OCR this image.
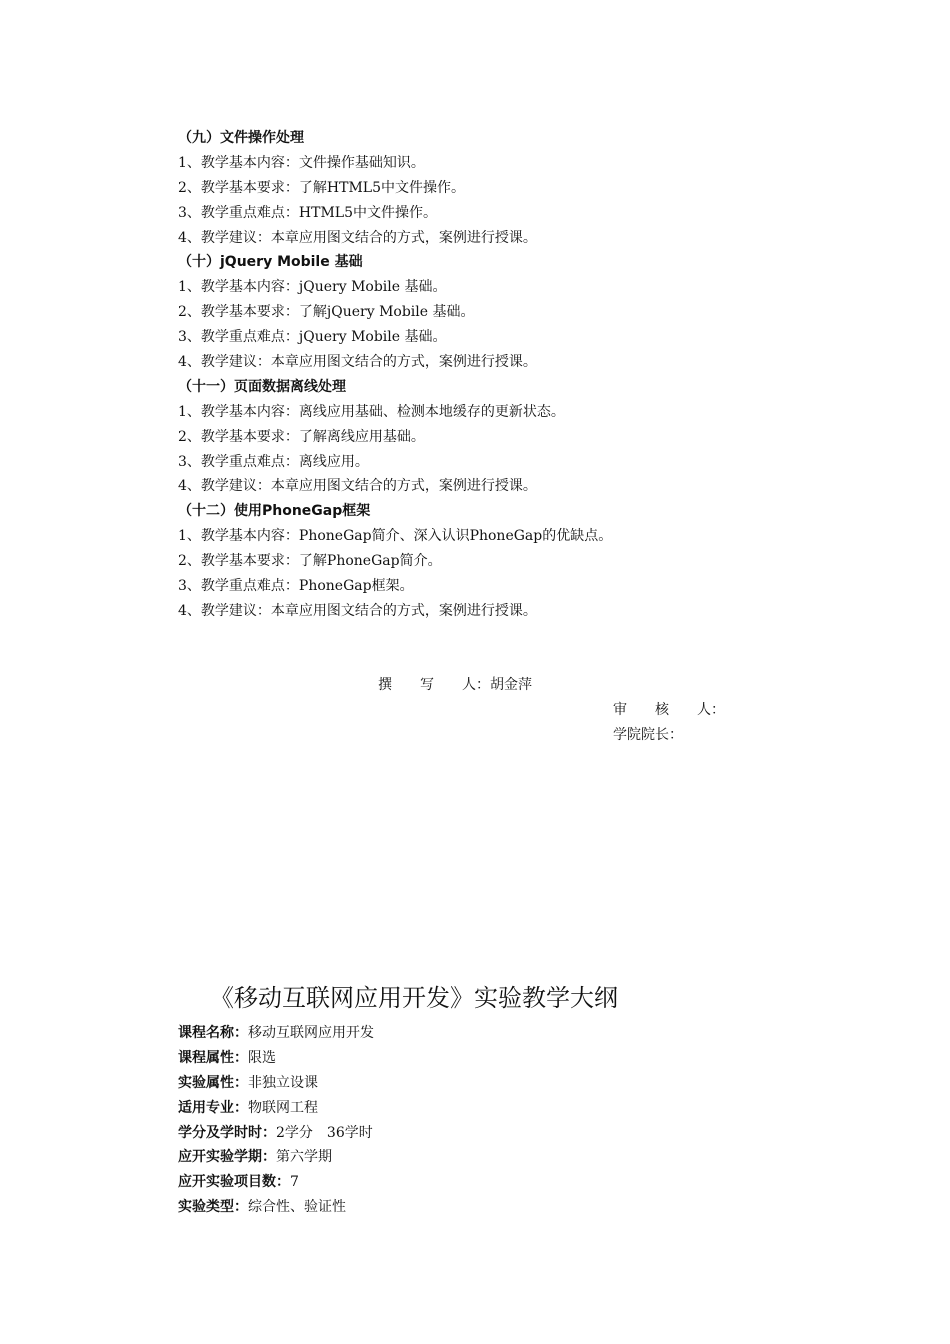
（九）文件操作处理
1、教学基本内容：文件操作基础知识。
2、教学基本要求：了解HTML5中文件操作。
3、教学重点难点：HTML5中文件操作。
4、教学建议：本章应用图文结合的方式，案例进行授课。
（十）jQuery Mobile 基础
1、教学基本内容：jQuery Mobile 基础。
2、教学基本要求：了解jQuery Mobile 基础。
3、教学重点难点：jQuery Mobile 基础。
4、教学建议：本章应用图文结合的方式，案例进行授课。
（十一）页面数据离线处理
1、教学基本内容：离线应用基础、检测本地缓存的更新状态。
2、教学基本要求：了解离线应用基础。
3、教学重点难点：离线应用。
4、教学建议：本章应用图文结合的方式，案例进行授课。
（十二）使用PhoneGap框架
1、教学基本内容：PhoneGap简介、深入认识PhoneGap的优缺点。
2、教学基本要求：了解PhoneGap简介。
3、教学重点难点：PhoneGap框架。
4、教学建议：本章应用图文结合的方式，案例进行授课。
撰　　写　　人：胡金萍
审　　核　　人：
学院院长：
《移动互联网应用开发》实验教学大纲
课程名称：移动互联网应用开发
课程属性：限选
实验属性：非独立设课
适用专业：物联网工程
学分及学时时：2学分　36学时
应开实验学期：第六学期
应开实验项目数：7
实验类型：综合性、验证性
